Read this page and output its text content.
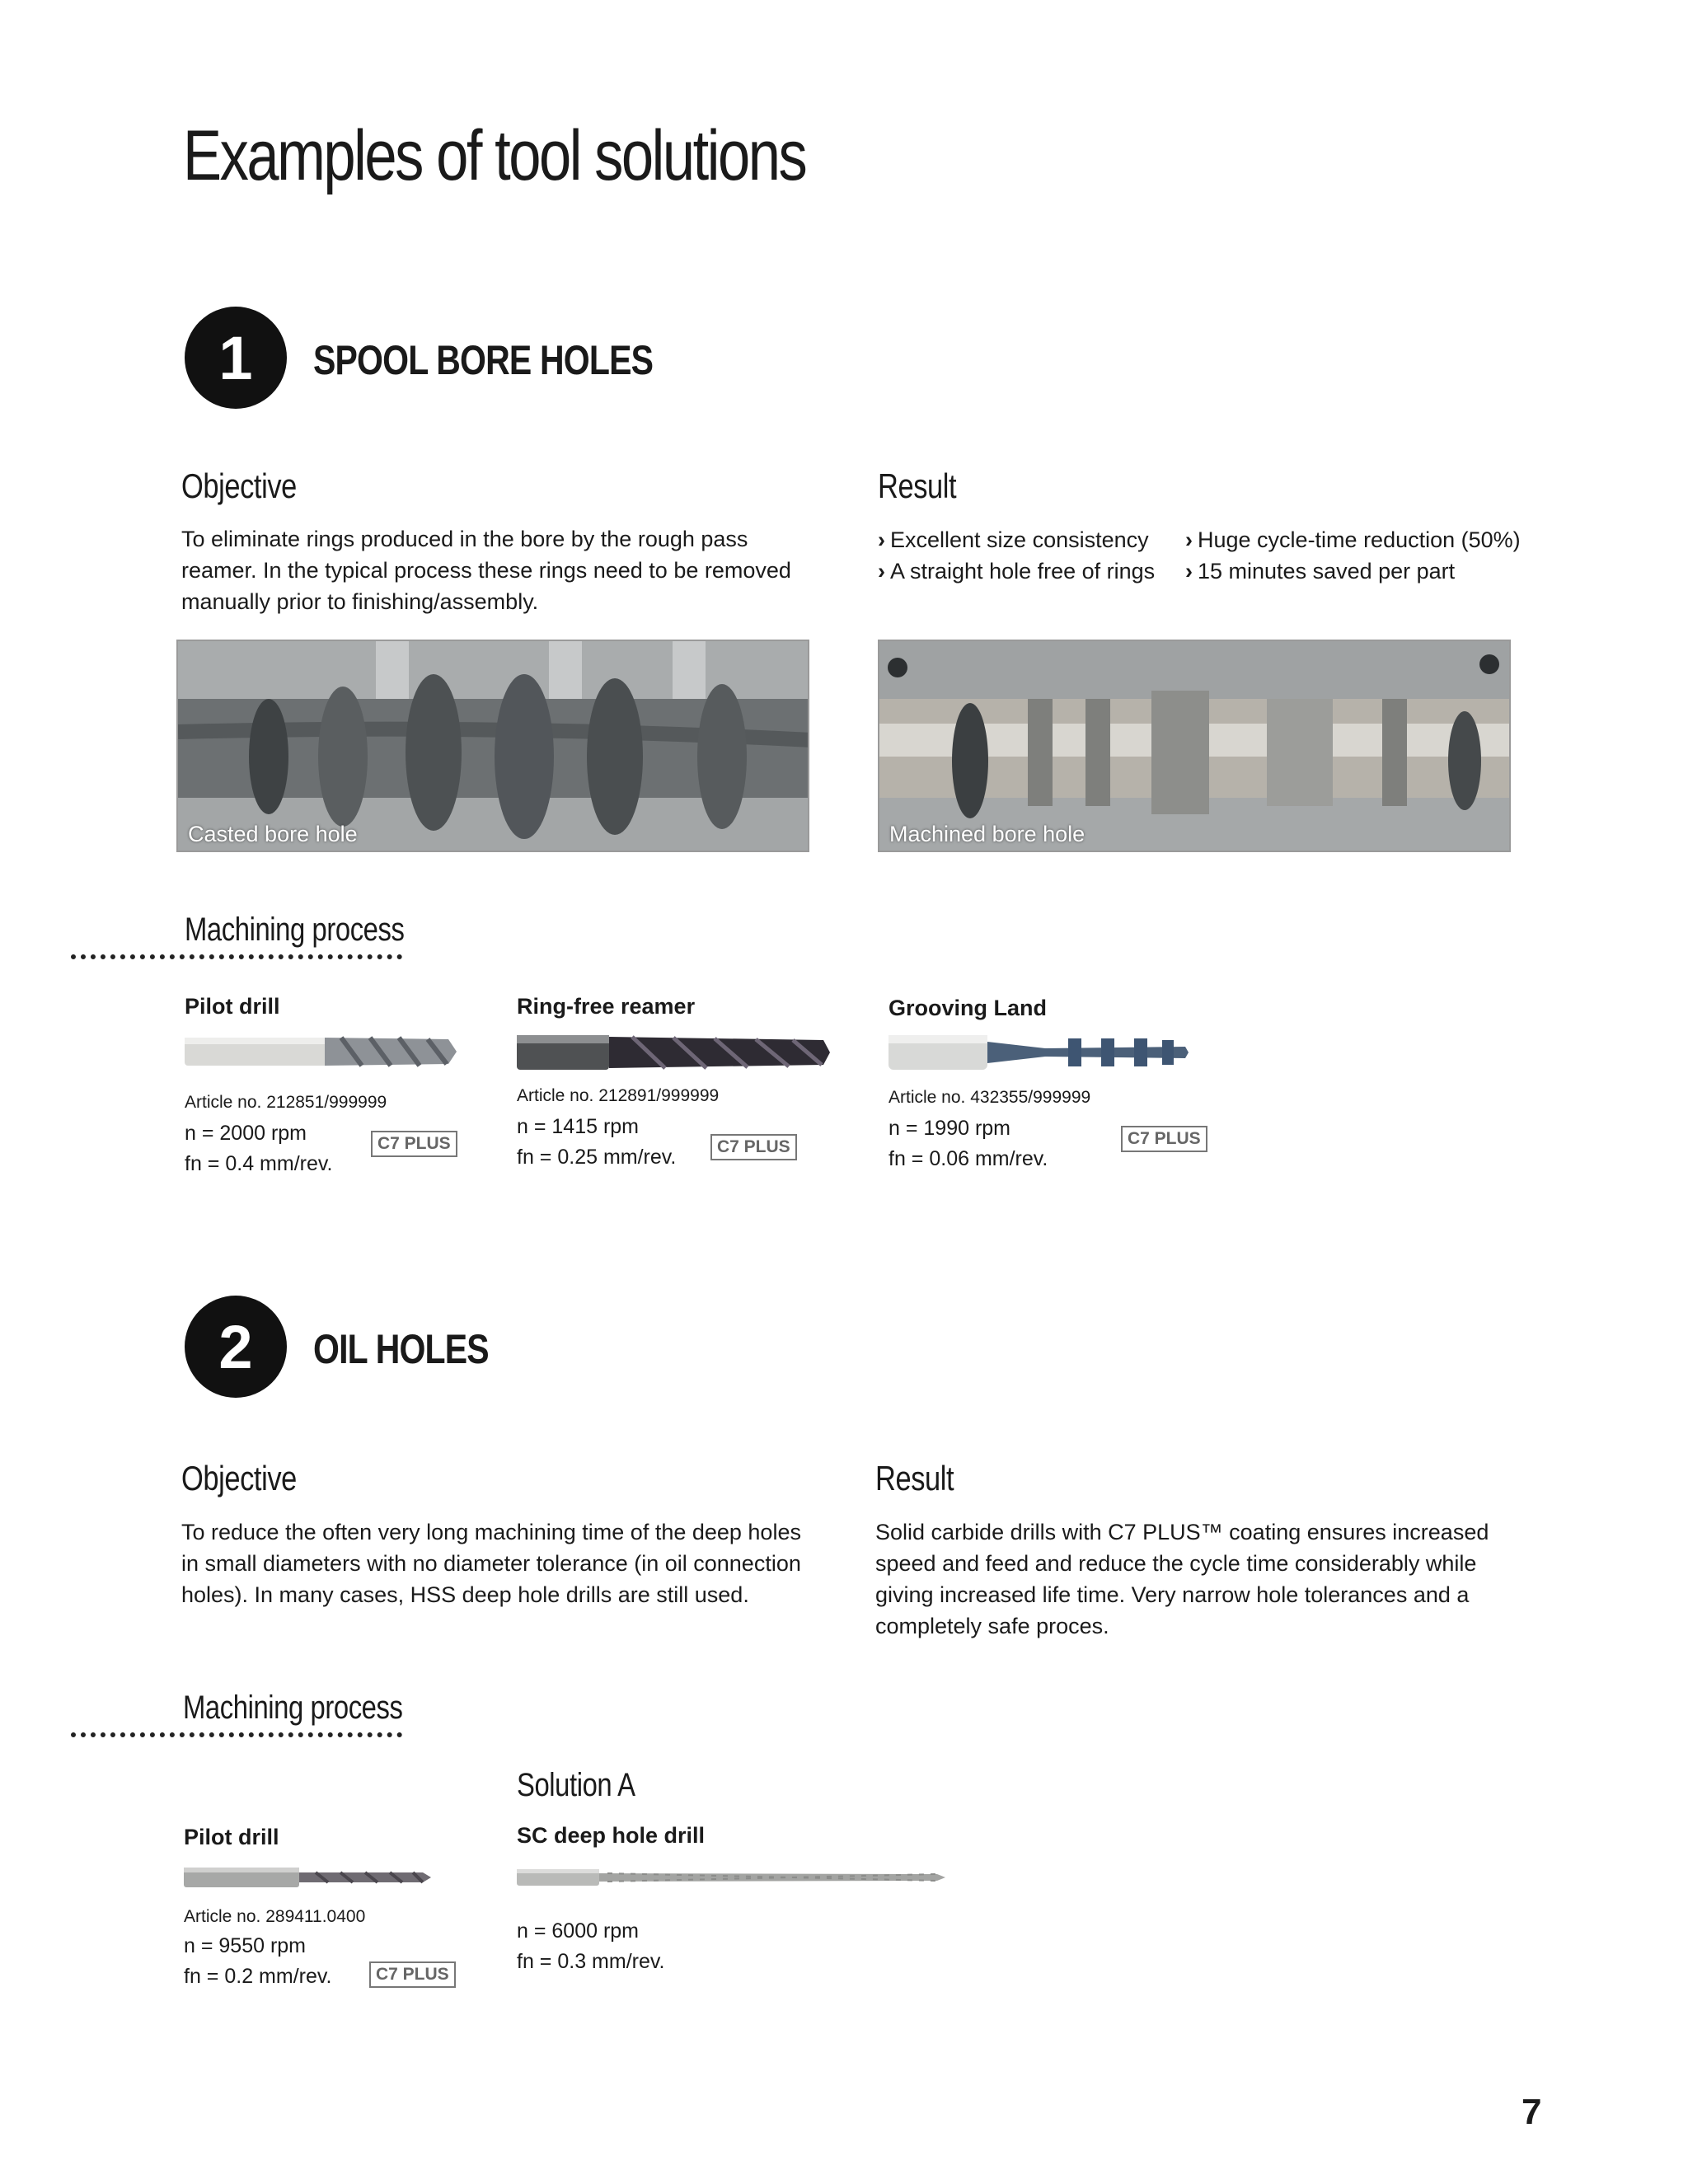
Examples of tool solutions
1	SPOOL BORE HOLES
Objective
To eliminate rings produced in the bore by the rough pass reamer. In the typical process these rings need to be removed manually prior to finishing/assembly.
Result
› Excellent size consistency
› A straight hole free of rings
› Huge cycle-time reduction (50%)
› 15 minutes saved per part
Casted bore hole	Machined bore hole
Machining process
Pilot drill
Article no. 212851/999999
n = 2000 rpm
fn = 0.4 mm/rev.
C7 PLUS
Ring-free reamer
Article no. 212891/999999
n = 1415 rpm
fn = 0.25 mm/rev.	C7 PLUS
Grooving Land
Article no. 432355/999999
n = 1990 rpm
fn = 0.06 mm/rev.
C7 PLUS
2	OIL HOLES
Objective
To reduce the often very long machining time of the deep holes in small diameters with no diameter tolerance (in oil connection holes). In many cases, HSS deep hole drills are still used.
Result
Solid carbide drills with C7 PLUS™ coating ensures increased speed and feed and reduce the cycle time considerably while giving increased life time. Very narrow hole tolerances and a completely safe proces.
Machining process
Pilot drill
Article no. 289411.0400
n = 9550 rpm
fn = 0.2 mm/rev.	C7 PLUS
Solution A
SC deep hole drill
n = 6000 rpm
fn = 0.3 mm/rev.
7
